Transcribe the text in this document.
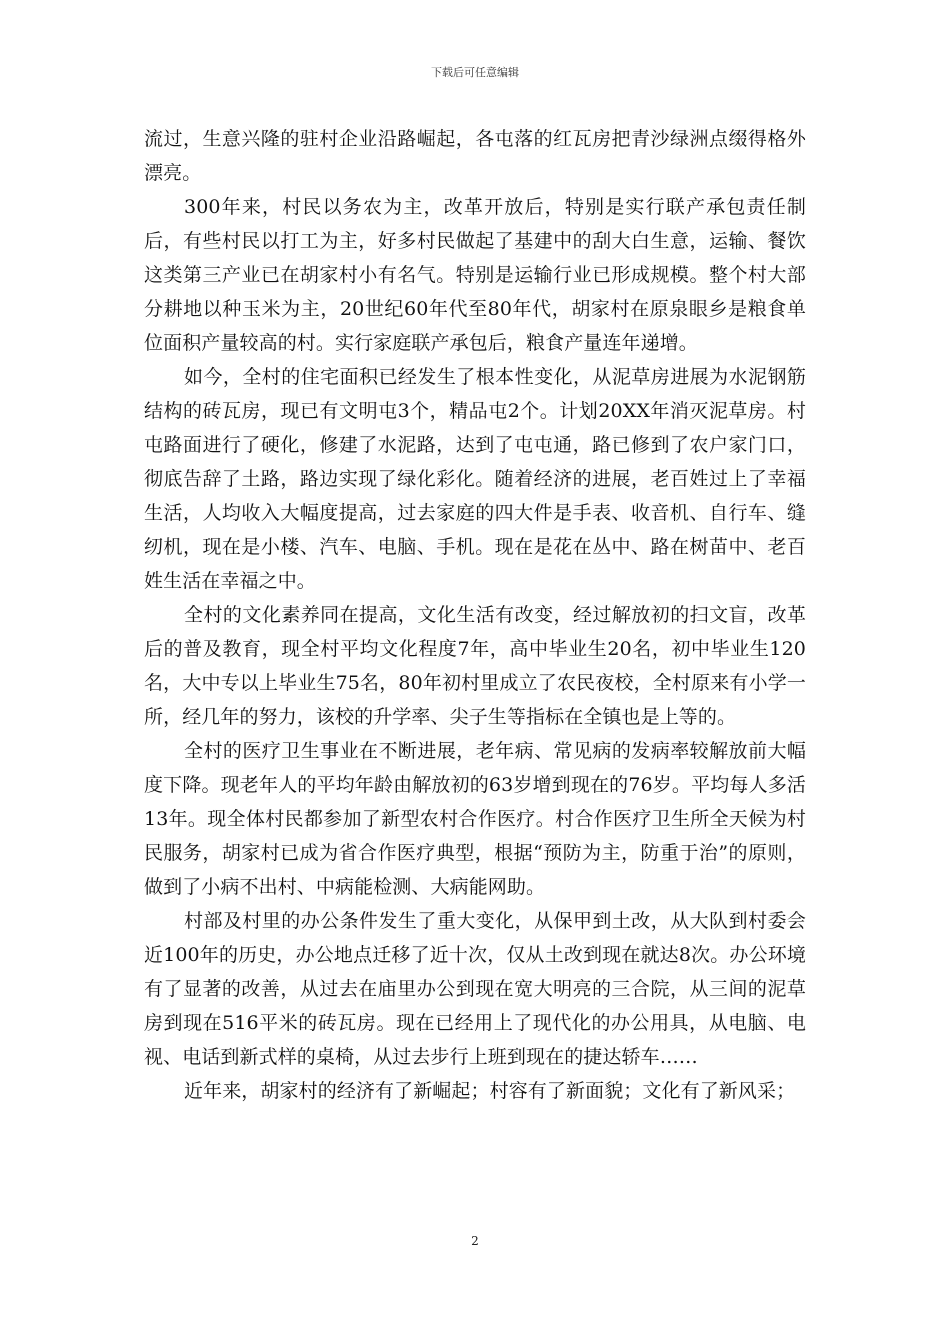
下载后可任意编辑

流过，生意兴隆的驻村企业沿路崛起，各屯落的红瓦房把青沙绿洲点缀得格外漂亮。

300年来，村民以务农为主，改革开放后，特别是实行联产承包责任制后，有些村民以打工为主，好多村民做起了基建中的刮大白生意，运输、餐饮这类第三产业已在胡家村小有名气。特别是运输行业已形成规模。整个村大部分耕地以种玉米为主，20世纪60年代至80年代，胡家村在原泉眼乡是粮食单位面积产量较高的村。实行家庭联产承包后，粮食产量连年递增。

如今，全村的住宅面积已经发生了根本性变化，从泥草房进展为水泥钢筋结构的砖瓦房，现已有文明屯3个，精品屯2个。计划20XX年消灭泥草房。村屯路面进行了硬化，修建了水泥路，达到了屯屯通，路已修到了农户家门口，彻底告辞了土路，路边实现了绿化彩化。随着经济的进展，老百姓过上了幸福生活，人均收入大幅度提高，过去家庭的四大件是手表、收音机、自行车、缝纫机，现在是小楼、汽车、电脑、手机。现在是花在丛中、路在树苗中、老百姓生活在幸福之中。

全村的文化素养同在提高，文化生活有改变，经过解放初的扫文盲，改革后的普及教育，现全村平均文化程度7年，高中毕业生20名，初中毕业生120名，大中专以上毕业生75名，80年初村里成立了农民夜校，全村原来有小学一所，经几年的努力，该校的升学率、尖子生等指标在全镇也是上等的。

全村的医疗卫生事业在不断进展，老年病、常见病的发病率较解放前大幅度下降。现老年人的平均年龄由解放初的63岁增到现在的76岁。平均每人多活13年。现全体村民都参加了新型农村合作医疗。村合作医疗卫生所全天候为村民服务，胡家村已成为省合作医疗典型，根据“预防为主，防重于治”的原则，做到了小病不出村、中病能检测、大病能网助。

村部及村里的办公条件发生了重大变化，从保甲到土改，从大队到村委会近100年的历史，办公地点迁移了近十次，仅从土改到现在就达8次。办公环境有了显著的改善，从过去在庙里办公到现在宽大明亮的三合院，从三间的泥草房到现在516平米的砖瓦房。现在已经用上了现代化的办公用具，从电脑、电视、电话到新式样的桌椅，从过去步行上班到现在的捷达轿车……

近年来，胡家村的经济有了新崛起；村容有了新面貌；文化有了新风采；

2
